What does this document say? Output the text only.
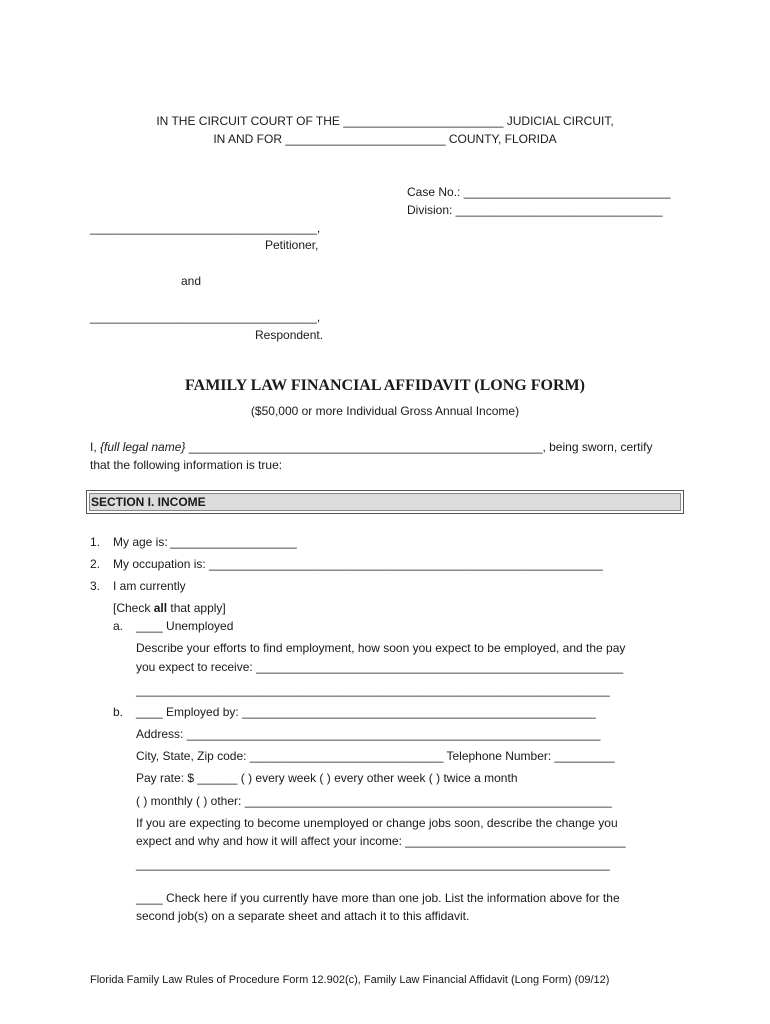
IN THE CIRCUIT COURT OF THE ________________________ JUDICIAL CIRCUIT,
IN AND FOR ________________________ COUNTY, FLORIDA
Case No.: _______________________________
Division: _______________________________
__________________________________,
Petitioner,
and
__________________________________,
Respondent.
FAMILY LAW FINANCIAL AFFIDAVIT (LONG FORM)
($50,000 or more Individual Gross Annual Income)
I, {full legal name} _____________________________________________________, being sworn, certify
that the following information is true:
SECTION I. INCOME
1. My age is: ___________________
2. My occupation is: ___________________________________________________________
3. I am currently
[Check all that apply]
a. ____ Unemployed
Describe your efforts to find employment, how soon you expect to be employed, and the pay
you expect to receive: _______________________________________________________
_______________________________________________________________________
b. ____ Employed by: _____________________________________________________
Address: ______________________________________________________________
City, State, Zip code: _____________________________ Telephone Number: _________
Pay rate: $ ______ ( ) every week ( ) every other week ( ) twice a month
( ) monthly ( ) other: _______________________________________________________
If you are expecting to become unemployed or change jobs soon, describe the change you
expect and why and how it will affect your income: _________________________________
_______________________________________________________________________
____ Check here if you currently have more than one job. List the information above for the
second job(s) on a separate sheet and attach it to this affidavit.
Florida Family Law Rules of Procedure Form 12.902(c), Family Law Financial Affidavit (Long Form) (09/12)
